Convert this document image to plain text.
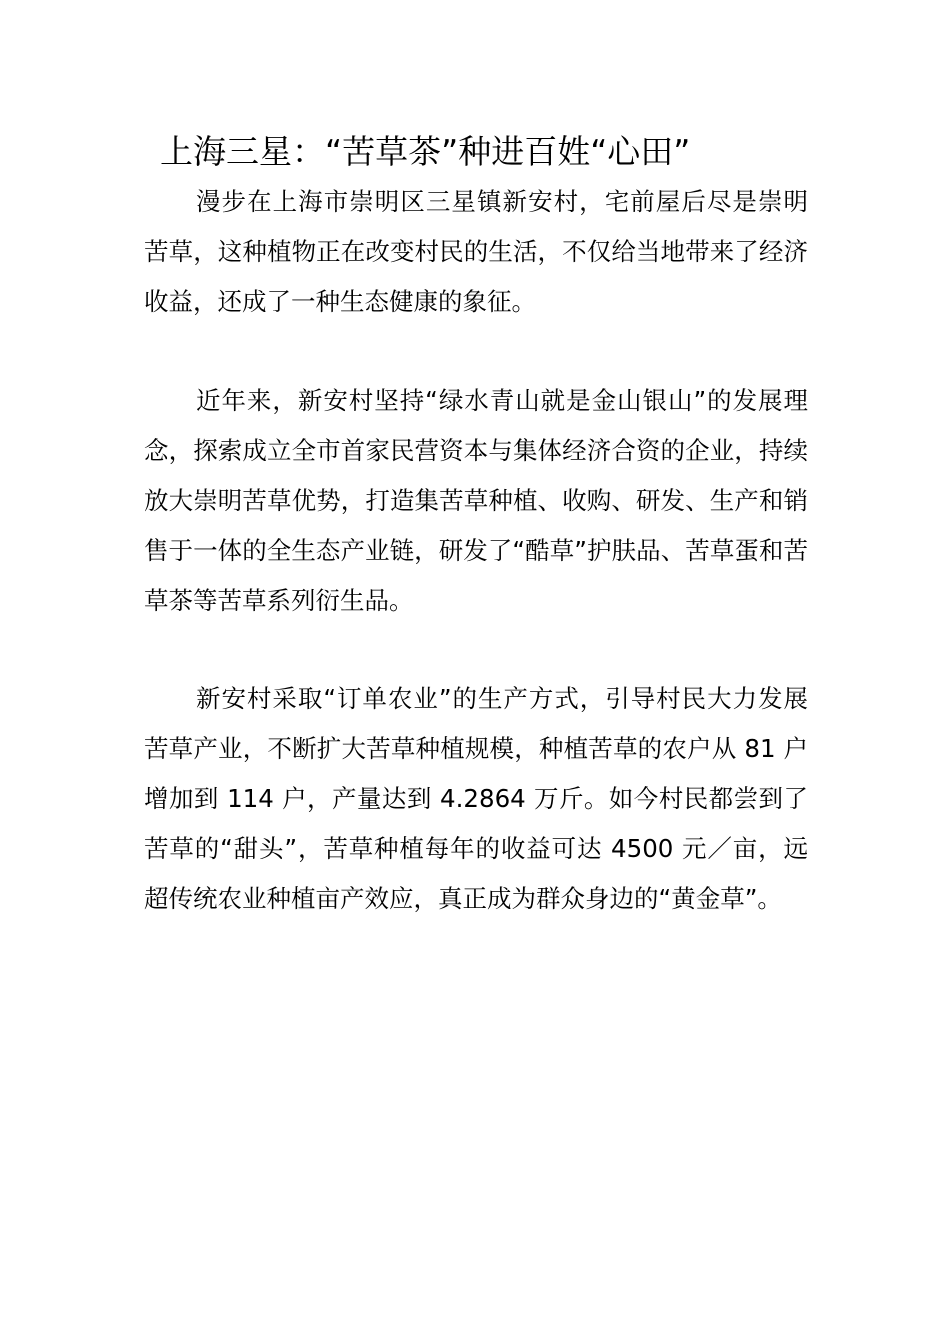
上海三星：“苦草茶”种进百姓“心田”

漫步在上海市崇明区三星镇新安村，宅前屋后尽是崇明苦草，这种植物正在改变村民的生活，不仅给当地带来了经济收益，还成了一种生态健康的象征。

近年来，新安村坚持“绿水青山就是金山银山”的发展理念，探索成立全市首家民营资本与集体经济合资的企业，持续放大崇明苦草优势，打造集苦草种植、收购、研发、生产和销售于一体的全生态产业链，研发了“酷草”护肤品、苦草蛋和苦草茶等苦草系列衍生品。

新安村采取“订单农业”的生产方式，引导村民大力发展苦草产业，不断扩大苦草种植规模，种植苦草的农户从 81 户增加到 114 户，产量达到 4.2864 万斤。如今村民都尝到了苦草的“甜头”，苦草种植每年的收益可达 4500 元／亩，远超传统农业种植亩产效应，真正成为群众身边的“黄金草”。
